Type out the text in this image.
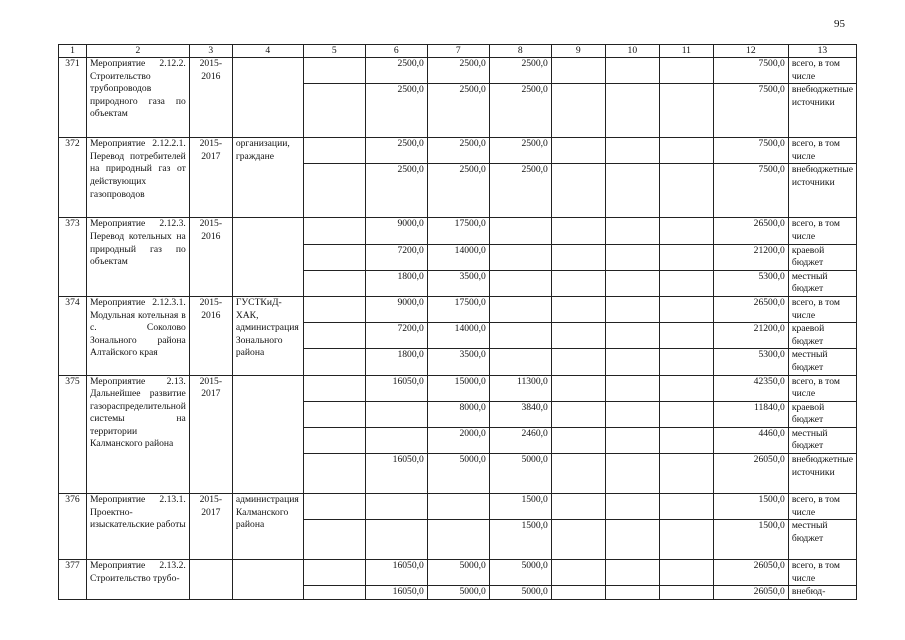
95
1	2	3	4	5	6	7	8	9	10	11	12	13
371	Мероприятие 2.12.2. Строительство трубопроводов природного газа по объектам	2015-2016			2500,0	2500,0	2500,0				7500,0	всего, в том числе
					2500,0	2500,0	2500,0				7500,0	внебюджетные источники
372	Мероприятие 2.12.2.1. Перевод потребителей на природный газ от действующих газопроводов	2015-2017	организации, граждане		2500,0	2500,0	2500,0				7500,0	всего, в том числе
					2500,0	2500,0	2500,0				7500,0	внебюджетные источники
373	Мероприятие 2.12.3. Перевод котельных на природный газ по объектам	2015-2016			9000,0	17500,0					26500,0	всего, в том числе
					7200,0	14000,0					21200,0	краевой бюджет
					1800,0	3500,0					5300,0	местный бюджет
374	Мероприятие 2.12.3.1. Модульная котельная в с. Соколово Зонального района Алтайского края	2015-2016	ГУСТКиД-ХАК, администрация Зонального района		9000,0	17500,0					26500,0	всего, в том числе
					7200,0	14000,0					21200,0	краевой бюджет
					1800,0	3500,0					5300,0	местный бюджет
375	Мероприятие 2.13. Дальнейшее развитие газораспределительной системы на территории Калманского района	2015-2017			16050,0	15000,0	11300,0				42350,0	всего, в том числе
						8000,0	3840,0				11840,0	краевой бюджет
						2000,0	2460,0				4460,0	местный бюджет
					16050,0	5000,0	5000,0				26050,0	внебюджетные источники
376	Мероприятие 2.13.1. Проектно-изыскательские работы	2015-2017	администрация Калманского района				1500,0				1500,0	всего, в том числе
							1500,0				1500,0	местный бюджет
377	Мероприятие 2.13.2. Строительство трубо-				16050,0	5000,0	5000,0				26050,0	всего, в том числе
					16050,0	5000,0	5000,0				26050,0	внебюд-
